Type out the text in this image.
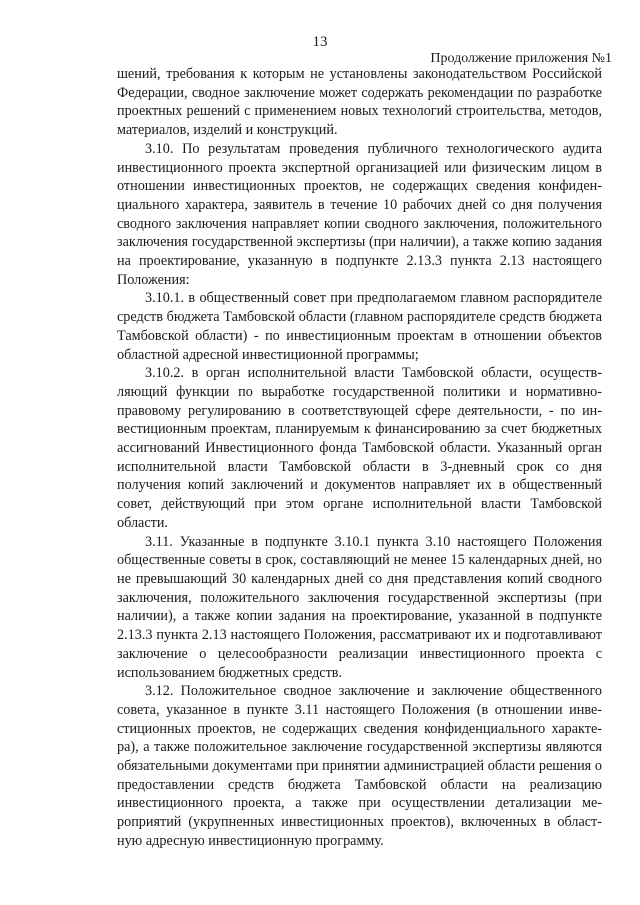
13
Продолжение приложения №1

шений, требования к которым не установлены законодательством Российской Федерации, сводное заключение может содержать рекомендации по разработке проектных решений с применением новых технологий строительства, методов, материалов, изделий и конструкций.

3.10. По результатам проведения публичного технологического аудита инвестиционного проекта экспертной организацией или физическим лицом в отношении инвестиционных проектов, не содержащих сведения конфиденциального характера, заявитель в течение 10 рабочих дней со дня получения сводного заключения направляет копии сводного заключения, положительного заключения государственной экспертизы (при наличии), а также копию задания на проектирование, указанную в подпункте 2.13.3 пункта 2.13 настоящего Положения:

3.10.1. в общественный совет при предполагаемом главном распорядителе средств бюджета Тамбовской области (главном распорядителе средств бюджета Тамбовской области) - по инвестиционным проектам в отношении объектов областной адресной инвестиционной программы;

3.10.2. в орган исполнительной власти Тамбовской области, осуществляющий функции по выработке государственной политики и нормативно-правовому регулированию в соответствующей сфере деятельности, - по инвестиционным проектам, планируемым к финансированию за счет бюджетных ассигнований Инвестиционного фонда Тамбовской области. Указанный орган исполнительной власти Тамбовской области в 3-дневный срок со дня получения копий заключений и документов направляет их в общественный совет, действующий при этом органе исполнительной власти Тамбовской области.

3.11. Указанные в подпункте 3.10.1 пункта 3.10 настоящего Положения общественные советы в срок, составляющий не менее 15 календарных дней, но не превышающий 30 календарных дней со дня представления копий сводного заключения, положительного заключения государственной экспертизы (при наличии), а также копии задания на проектирование, указанной в подпункте 2.13.3 пункта 2.13 настоящего Положения, рассматривают их и подготавливают заключение о целесообразности реализации инвестиционного проекта с использованием бюджетных средств.

3.12. Положительное сводное заключение и заключение общественного совета, указанное в пункте 3.11 настоящего Положения (в отношении инвестиционных проектов, не содержащих сведения конфиденциального характера), а также положительное заключение государственной экспертизы являются обязательными документами при принятии администрацией области решения о предоставлении средств бюджета Тамбовской области на реализацию инвестиционного проекта, а также при осуществлении детализации мероприятий (укрупненных инвестиционных проектов), включенных в областную адресную инвестиционную программу.
